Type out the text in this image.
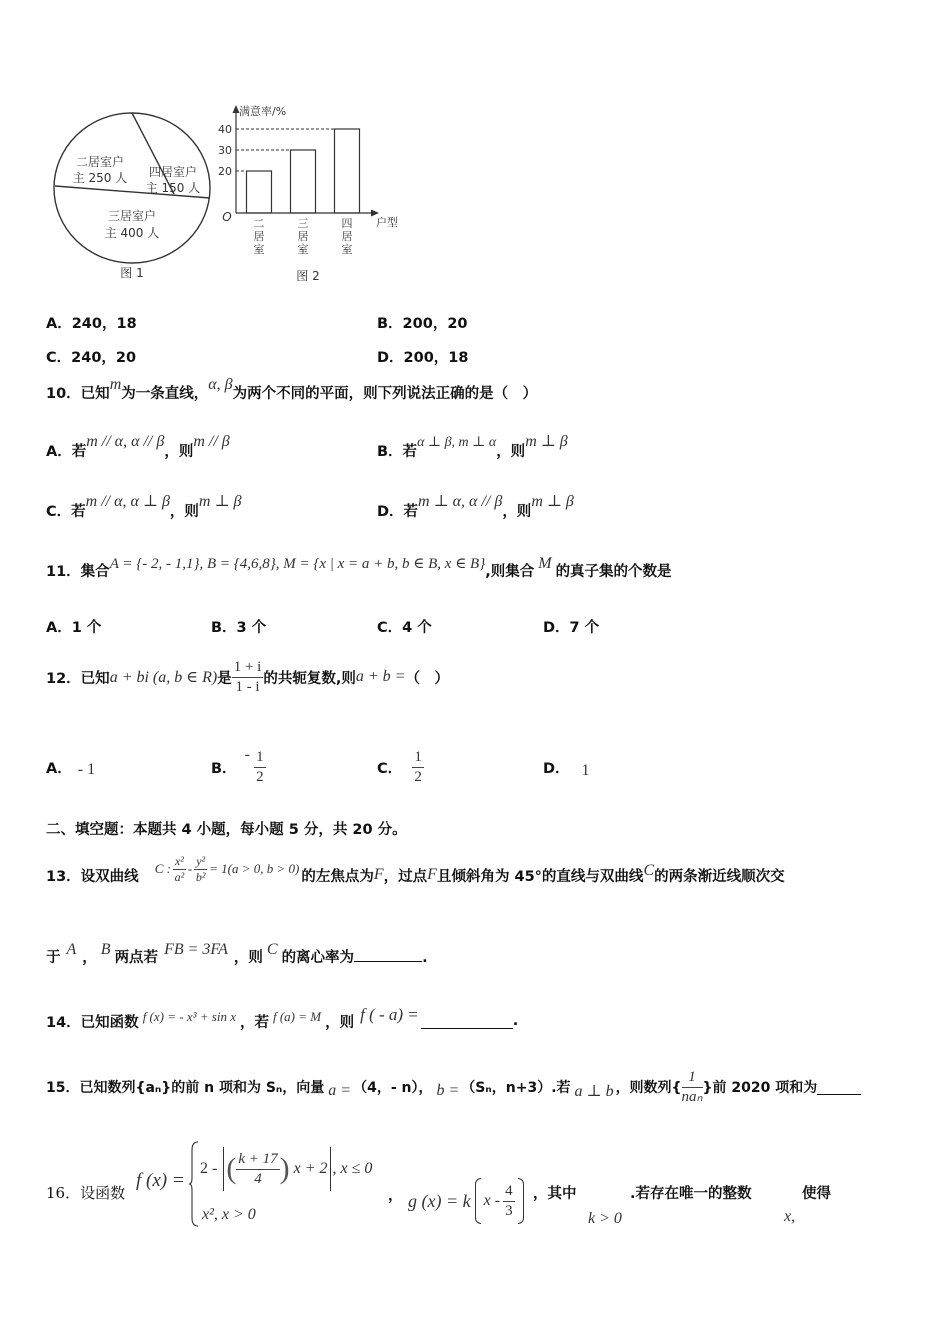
二居室户
主 250 人 四居室户
主 150 人
三居室户
主 400 人
图 1
满意率/%
户型
O
20
二
居
室
30
三
居
室
40
四
居
室
图 2
A．240，18	B．200，20
C．240，20	D．200，18
10．已知m为一条直线，α, β为两个不同的平面，则下列说法正确的是（　）
A．若m // α, α // β，则m // β
B．若α ⊥ β, m ⊥ α，则m ⊥ β
C．若m // α, α ⊥ β，则m ⊥ β
D．若m ⊥ α, α // β，则m ⊥ β
11．集合A = {- 2, - 1,1}, B = {4,6,8}, M = {x | x = a + b, b ∈ B, x ∈ B},则集合 M 的真子集的个数是
A．1 个	B．3 个	C．4 个	D．7 个
12．已知 a + bi (a, b ∈ R) 是 $\frac{1 + i}{1 - i}$ 的共轭复数,则 a + b = （　）
A． - 1	B．
- $\frac{1}{2}$	C． $\frac{1}{2}$	D． 1
二、填空题：本题共 4 小题，每小题 5 分，共 20 分。
13．设双曲线 C : $\frac{\text{x²}}{\text{a²}} - \frac{\text{y²}}{\text{b²}} = 1(a > 0$, b > 0) 的左焦点为 F ，过点 F 且倾斜角为 45°的直线与双曲线 C 的两条渐近线顺次交
于 A ， B 两点若 FB = 3FA ，则 C 的离心率为	.
14．已知函数 f (x) = - x³ + sin x ，若 f (a) = M ，则 f ( - a) =	.
15．已知数列{aₙ}的前 n 项和为 Sₙ，向量 a = （4，- n）， b = （Sₙ，n+3）.若 a ⊥ b ，则数列{ $\frac{1}{\text{naₙ}}$ }前 2020 项和为
16．设函数
f (x) =
2 - ( $\frac{k + 17}{4}$ ) x + 2 , x ≤ 0
x², x > 0
， g (x) = k x - $\frac{4}{3}$ ，其中
k > 0
.若存在唯一的整数
x,
使得
